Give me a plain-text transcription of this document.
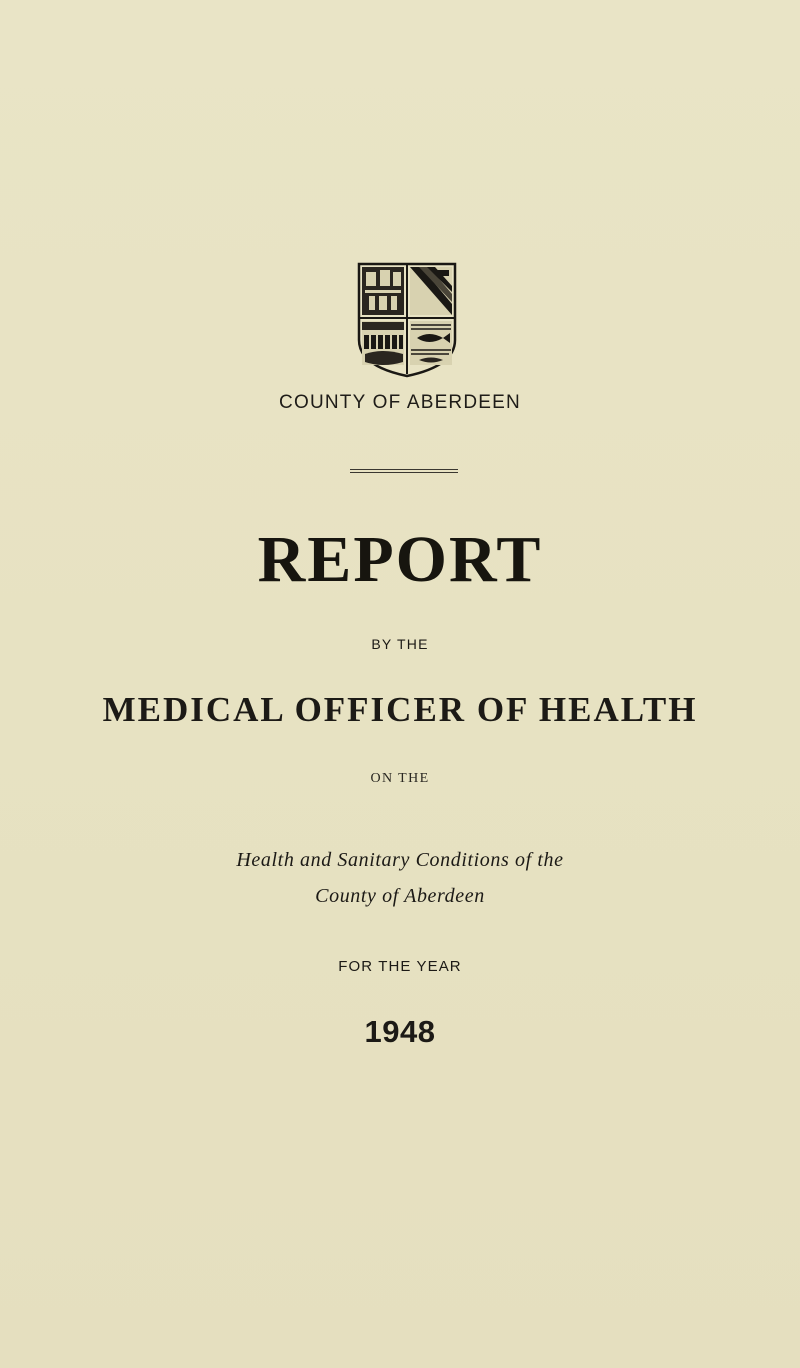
COUNTY OF ABERDEEN
REPORT
BY THE
MEDICAL OFFICER OF HEALTH
ON THE
Health and Sanitary Conditions of the
County of Aberdeen
FOR THE YEAR
1948
